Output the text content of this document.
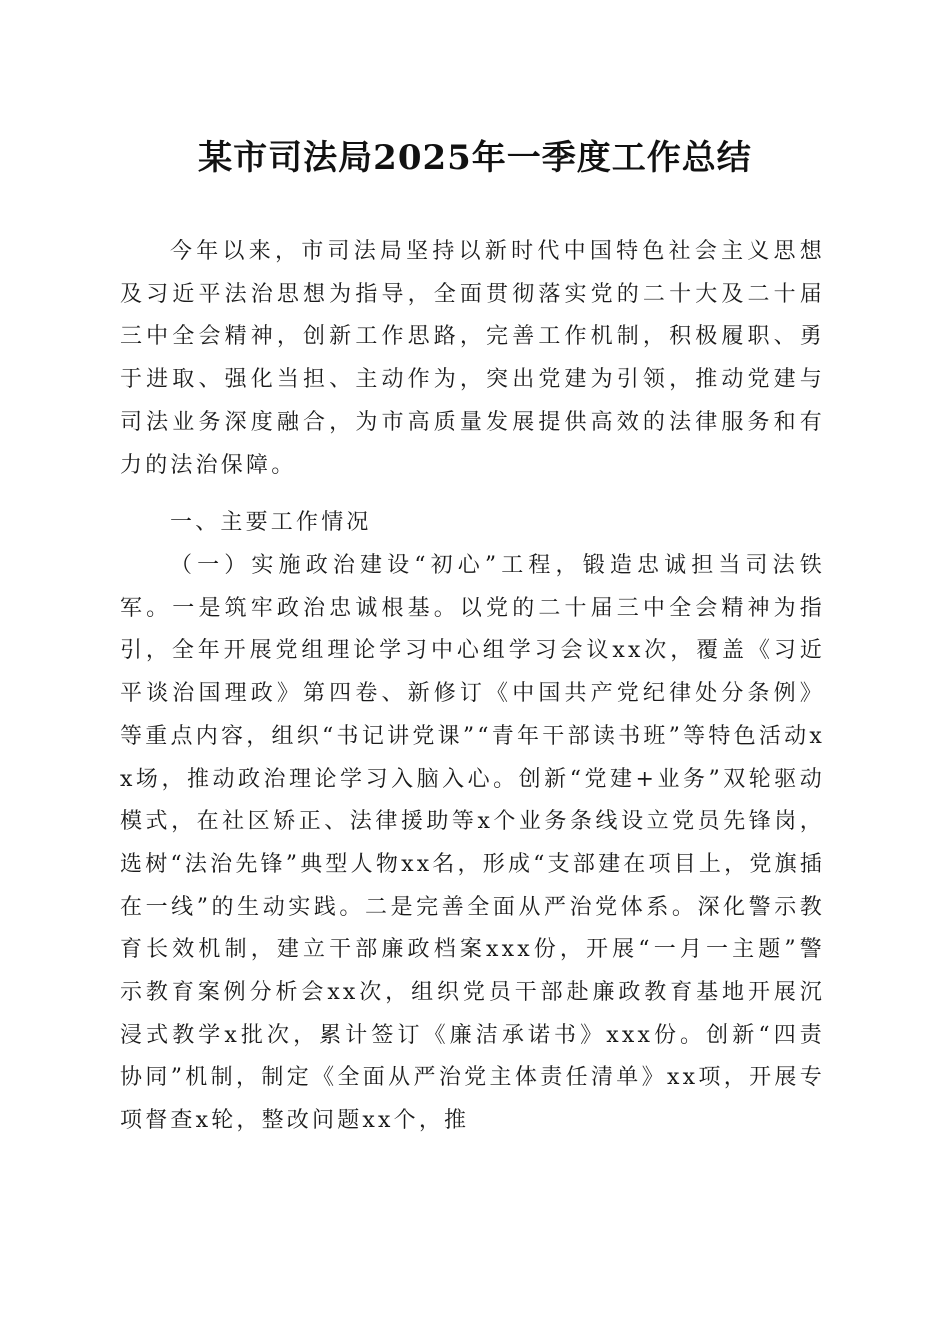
某市司法局2025年一季度工作总结

今年以来，市司法局坚持以新时代中国特色社会主义思想及习近平法治思想为指导，全面贯彻落实党的二十大及二十届三中全会精神，创新工作思路，完善工作机制，积极履职、勇于进取、强化当担、主动作为，突出党建为引领，推动党建与司法业务深度融合，为市高质量发展提供高效的法律服务和有力的法治保障。

一、主要工作情况

（一）实施政治建设“初心”工程，锻造忠诚担当司法铁军。一是筑牢政治忠诚根基。以党的二十届三中全会精神为指引，全年开展党组理论学习中心组学习会议xx次，覆盖《习近平谈治国理政》第四卷、新修订《中国共产党纪律处分条例》等重点内容，组织“书记讲党课”“青年干部读书班”等特色活动xx场，推动政治理论学习入脑入心。创新“党建+业务”双轮驱动模式，在社区矫正、法律援助等x个业务条线设立党员先锋岗，选树“法治先锋”典型人物xx名，形成“支部建在项目上，党旗插在一线”的生动实践。二是完善全面从严治党体系。深化警示教育长效机制，建立干部廉政档案xxx份，开展“一月一主题”警示教育案例分析会xx次，组织党员干部赴廉政教育基地开展沉浸式教学x批次，累计签订《廉洁承诺书》xxx份。创新“四责协同”机制，制定《全面从严治党主体责任清单》xx项，开展专项督查x轮，整改问题xx个，推
